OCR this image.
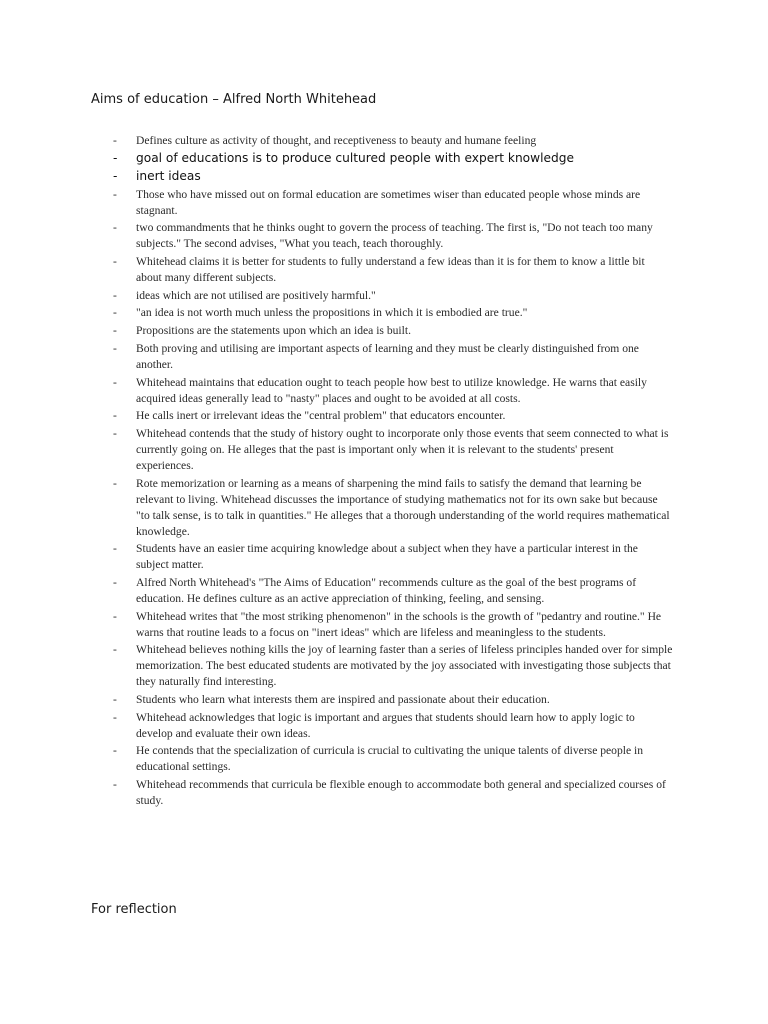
Aims of education – Alfred North Whitehead
- Defines culture as activity of thought, and receptiveness to beauty and humane feeling
- goal of educations is to produce cultured people with expert knowledge
- inert ideas
- Those who have missed out on formal education are sometimes wiser than educated people whose minds are stagnant.
- two commandments that he thinks ought to govern the process of teaching. The first is, "Do not teach too many subjects." The second advises, "What you teach, teach thoroughly.
- Whitehead claims it is better for students to fully understand a few ideas than it is for them to know a little bit about many different subjects.
- ideas which are not utilised are positively harmful."
- "an idea is not worth much unless the propositions in which it is embodied are true."
- Propositions are the statements upon which an idea is built.
- Both proving and utilising are important aspects of learning and they must be clearly distinguished from one another.
- Whitehead maintains that education ought to teach people how best to utilize knowledge. He warns that easily acquired ideas generally lead to "nasty" places and ought to be avoided at all costs.
- He calls inert or irrelevant ideas the "central problem" that educators encounter.
- Whitehead contends that the study of history ought to incorporate only those events that seem connected to what is currently going on. He alleges that the past is important only when it is relevant to the students' present experiences.
- Rote memorization or learning as a means of sharpening the mind fails to satisfy the demand that learning be relevant to living. Whitehead discusses the importance of studying mathematics not for its own sake but because "to talk sense, is to talk in quantities." He alleges that a thorough understanding of the world requires mathematical knowledge.
- Students have an easier time acquiring knowledge about a subject when they have a particular interest in the subject matter.
- Alfred North Whitehead's "The Aims of Education" recommends culture as the goal of the best programs of education. He defines culture as an active appreciation of thinking, feeling, and sensing.
- Whitehead writes that "the most striking phenomenon" in the schools is the growth of "pedantry and routine." He warns that routine leads to a focus on "inert ideas" which are lifeless and meaningless to the students.
- Whitehead believes nothing kills the joy of learning faster than a series of lifeless principles handed over for simple memorization. The best educated students are motivated by the joy associated with investigating those subjects that they naturally find interesting.
- Students who learn what interests them are inspired and passionate about their education.
- Whitehead acknowledges that logic is important and argues that students should learn how to apply logic to develop and evaluate their own ideas.
- He contends that the specialization of curricula is crucial to cultivating the unique talents of diverse people in educational settings.
- Whitehead recommends that curricula be flexible enough to accommodate both general and specialized courses of study.
For reflection
